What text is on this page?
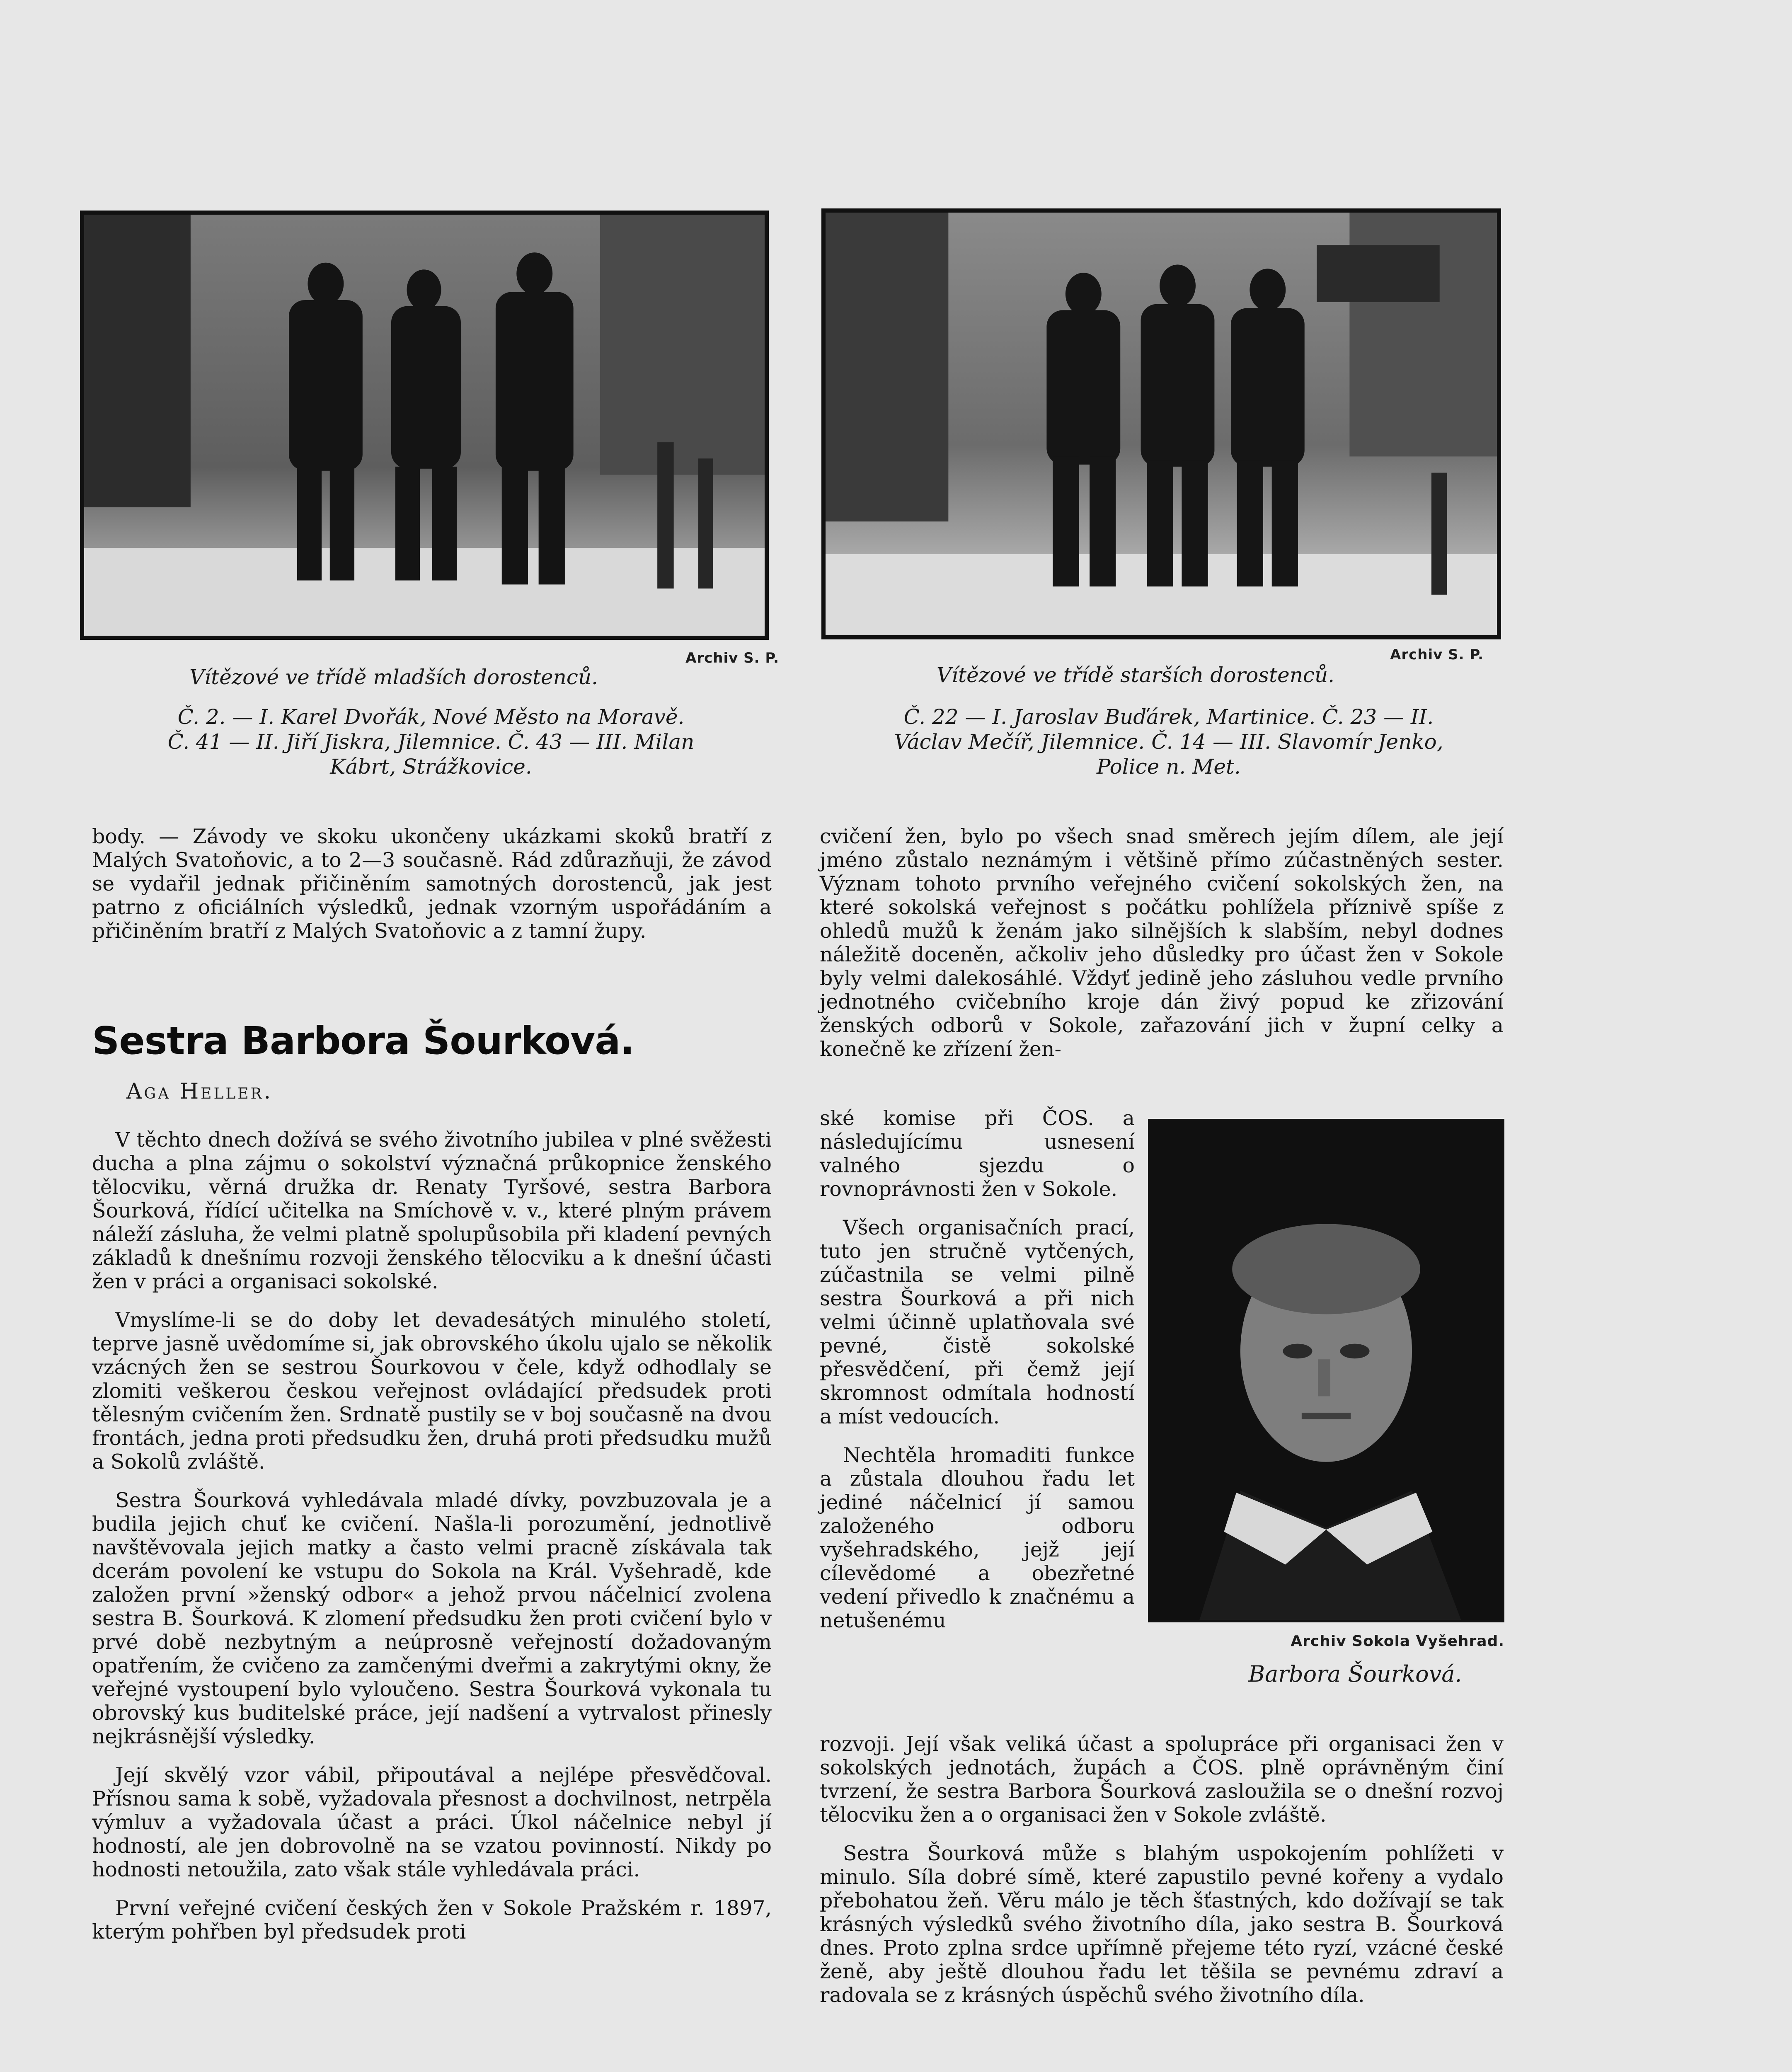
Archiv S. P.
Vítězové ve třídě mladších dorostenců.
Č. 2. — I. Karel Dvořák, Nové Město na Moravě.
Č. 41 — II. Jiří Jiskra, Jilemnice. Č. 43 — III. Milan
Kábrt, Strážkovice.
Archiv S. P.
Vítězové ve třídě starších dorostenců.
Č. 22 — I. Jaroslav Buďárek, Martinice. Č. 23 — II.
Václav Mečíř, Jilemnice. Č. 14 — III. Slavomír Jenko,
Police n. Met.

body. — Závody ve skoku ukončeny ukázkami skoků bratří z Malých Svatoňovic, a to 2—3 současně. Rád zdůrazňuji, že závod se vydařil jednak přičiněním samotných dorostenců, jak jest patrno z oficiálních výsledků, jednak vzorným uspořádáním a přičiněním bratří z Malých Svatoňovic a z tamní župy.

Sestra Barbora Šourková.
Aga Heller.

V těchto dnech dožívá se svého životního jubilea v plné svěžesti ducha a plna zájmu o sokolství význačná průkopnice ženského tělocviku, věrná družka dr. Renaty Tyršové, sestra Barbora Šourková, řídící učitelka na Smíchově v. v., které plným právem náleží zásluha, že velmi platně spolupůsobila při kladení pevných základů k dnešnímu rozvoji ženského tělocviku a k dnešní účasti žen v práci a organisaci sokolské.

Vmyslíme-li se do doby let devadesátých minulého století, teprve jasně uvědomíme si, jak obrovského úkolu ujalo se několik vzácných žen se sestrou Šourkovou v čele, když odhodlaly se zlomiti veškerou českou veřejnost ovládající předsudek proti tělesným cvičením žen. Srdnatě pustily se v boj současně na dvou frontách, jedna proti předsudku žen, druhá proti předsudku mužů a Sokolů zvláště.

Sestra Šourková vyhledávala mladé dívky, povzbuzovala je a budila jejich chuť ke cvičení. Našla-li porozumění, jednotlivě navštěvovala jejich matky a často velmi pracně získávala tak dcerám povolení ke vstupu do Sokola na Král. Vyšehradě, kde založen první »ženský odbor« a jehož prvou náčelnicí zvolena sestra B. Šourková. K zlomení předsudku žen proti cvičení bylo v prvé době nezbytným a neúprosně veřejností dožadovaným opatřením, že cvičeno za zamčenými dveřmi a zakrytými okny, že veřejné vystoupení bylo vyloučeno. Sestra Šourková vykonala tu obrovský kus buditelské práce, její nadšení a vytrvalost přinesly nejkrásnější výsledky.

Její skvělý vzor vábil, připoutával a nejlépe přesvědčoval. Přísnou sama k sobě, vyžadovala přesnost a dochvilnost, netrpěla výmluv a vyžadovala účast a práci. Úkol náčelnice nebyl jí hodností, ale jen dobrovolně na se vzatou povinností. Nikdy po hodnosti netoužila, zato však stále vyhledávala práci.

První veřejné cvičení českých žen v Sokole Pražském r. 1897, kterým pohřben byl předsudek proti

cvičení žen, bylo po všech snad směrech jejím dílem, ale její jméno zůstalo neznámým i většině přímo zúčastněných sester. Význam tohoto prvního veřejného cvičení sokolských žen, na které sokolská veřejnost s počátku pohlížela příznivě spíše z ohledů mužů k ženám jako silnějších k slabším, nebyl dodnes náležitě doceněn, ačkoliv jeho důsledky pro účast žen v Sokole byly velmi dalekosáhlé. Vždyť jedině jeho zásluhou vedle prvního jednotného cvičebního kroje dán živý popud ke zřizování ženských odborů v Sokole, zařazování jich v župní celky a konečně ke zřízení žen-

ské komise při ČOS. a následujícímu usnesení valného sjezdu o rovnoprávnosti žen v Sokole.

Všech organisačních prací, tuto jen stručně vytčených, zúčastnila se velmi pilně sestra Šourková a při nich velmi účinně uplatňovala své pevné, čistě sokolské přesvědčení, při čemž její skromnost odmítala hodností a míst vedoucích.

Nechtěla hromaditi funkce a zůstala dlouhou řadu let jediné náčelnicí jí samou založeného odboru vyšehradského, jejž její cílevědomé a obezřetné vedení přivedlo k značnému a netušenému

Archiv Sokola Vyšehrad.
Barbora Šourková.

rozvoji. Její však veliká účast a spolupráce při organisaci žen v sokolských jednotách, župách a ČOS. plně oprávněným činí tvrzení, že sestra Barbora Šourková zasloužila se o dnešní rozvoj tělocviku žen a o organisaci žen v Sokole zvláště.

Sestra Šourková může s blahým uspokojením pohlížeti v minulo. Síla dobré símě, které zapustilo pevné kořeny a vydalo přebohatou žeň. Věru málo je těch šťastných, kdo dožívají se tak krásných výsledků svého životního díla, jako sestra B. Šourková dnes. Proto zplna srdce upřímně přejeme této ryzí, vzácné české ženě, aby ještě dlouhou řadu let těšila se pevnému zdraví a radovala se z krásných úspěchů svého životního díla.
